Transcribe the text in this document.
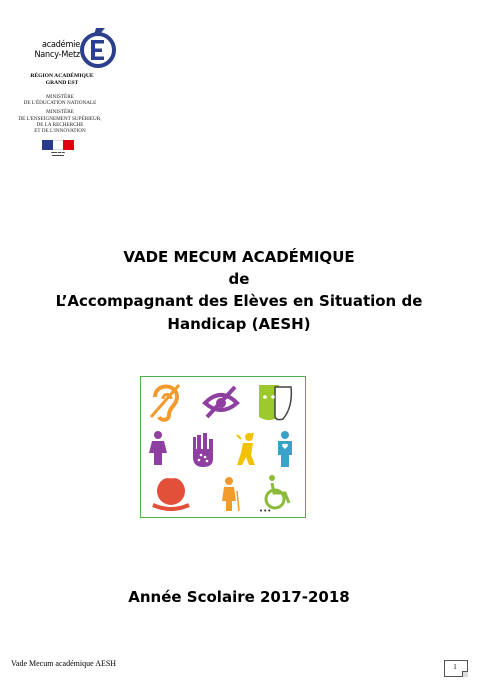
académie
Nancy-Metz
RÉGION ACADÉMIQUE
GRAND EST
MINISTÈRE
DE L'ÉDUCATION NATIONALE
MINISTÈRE
DE L'ENSEIGNEMENT SUPÉRIEUR,
DE LA RECHERCHE
ET DE L'INNOVATION
▬▬ ▬ ▬
▬▬▬▬
VADE MECUM ACADÉMIQUE
de
L’Accompagnant des Elèves en Situation de
Handicap (AESH)
•••
Année Scolaire 2017-2018
Vade Mecum académique AESH	1
